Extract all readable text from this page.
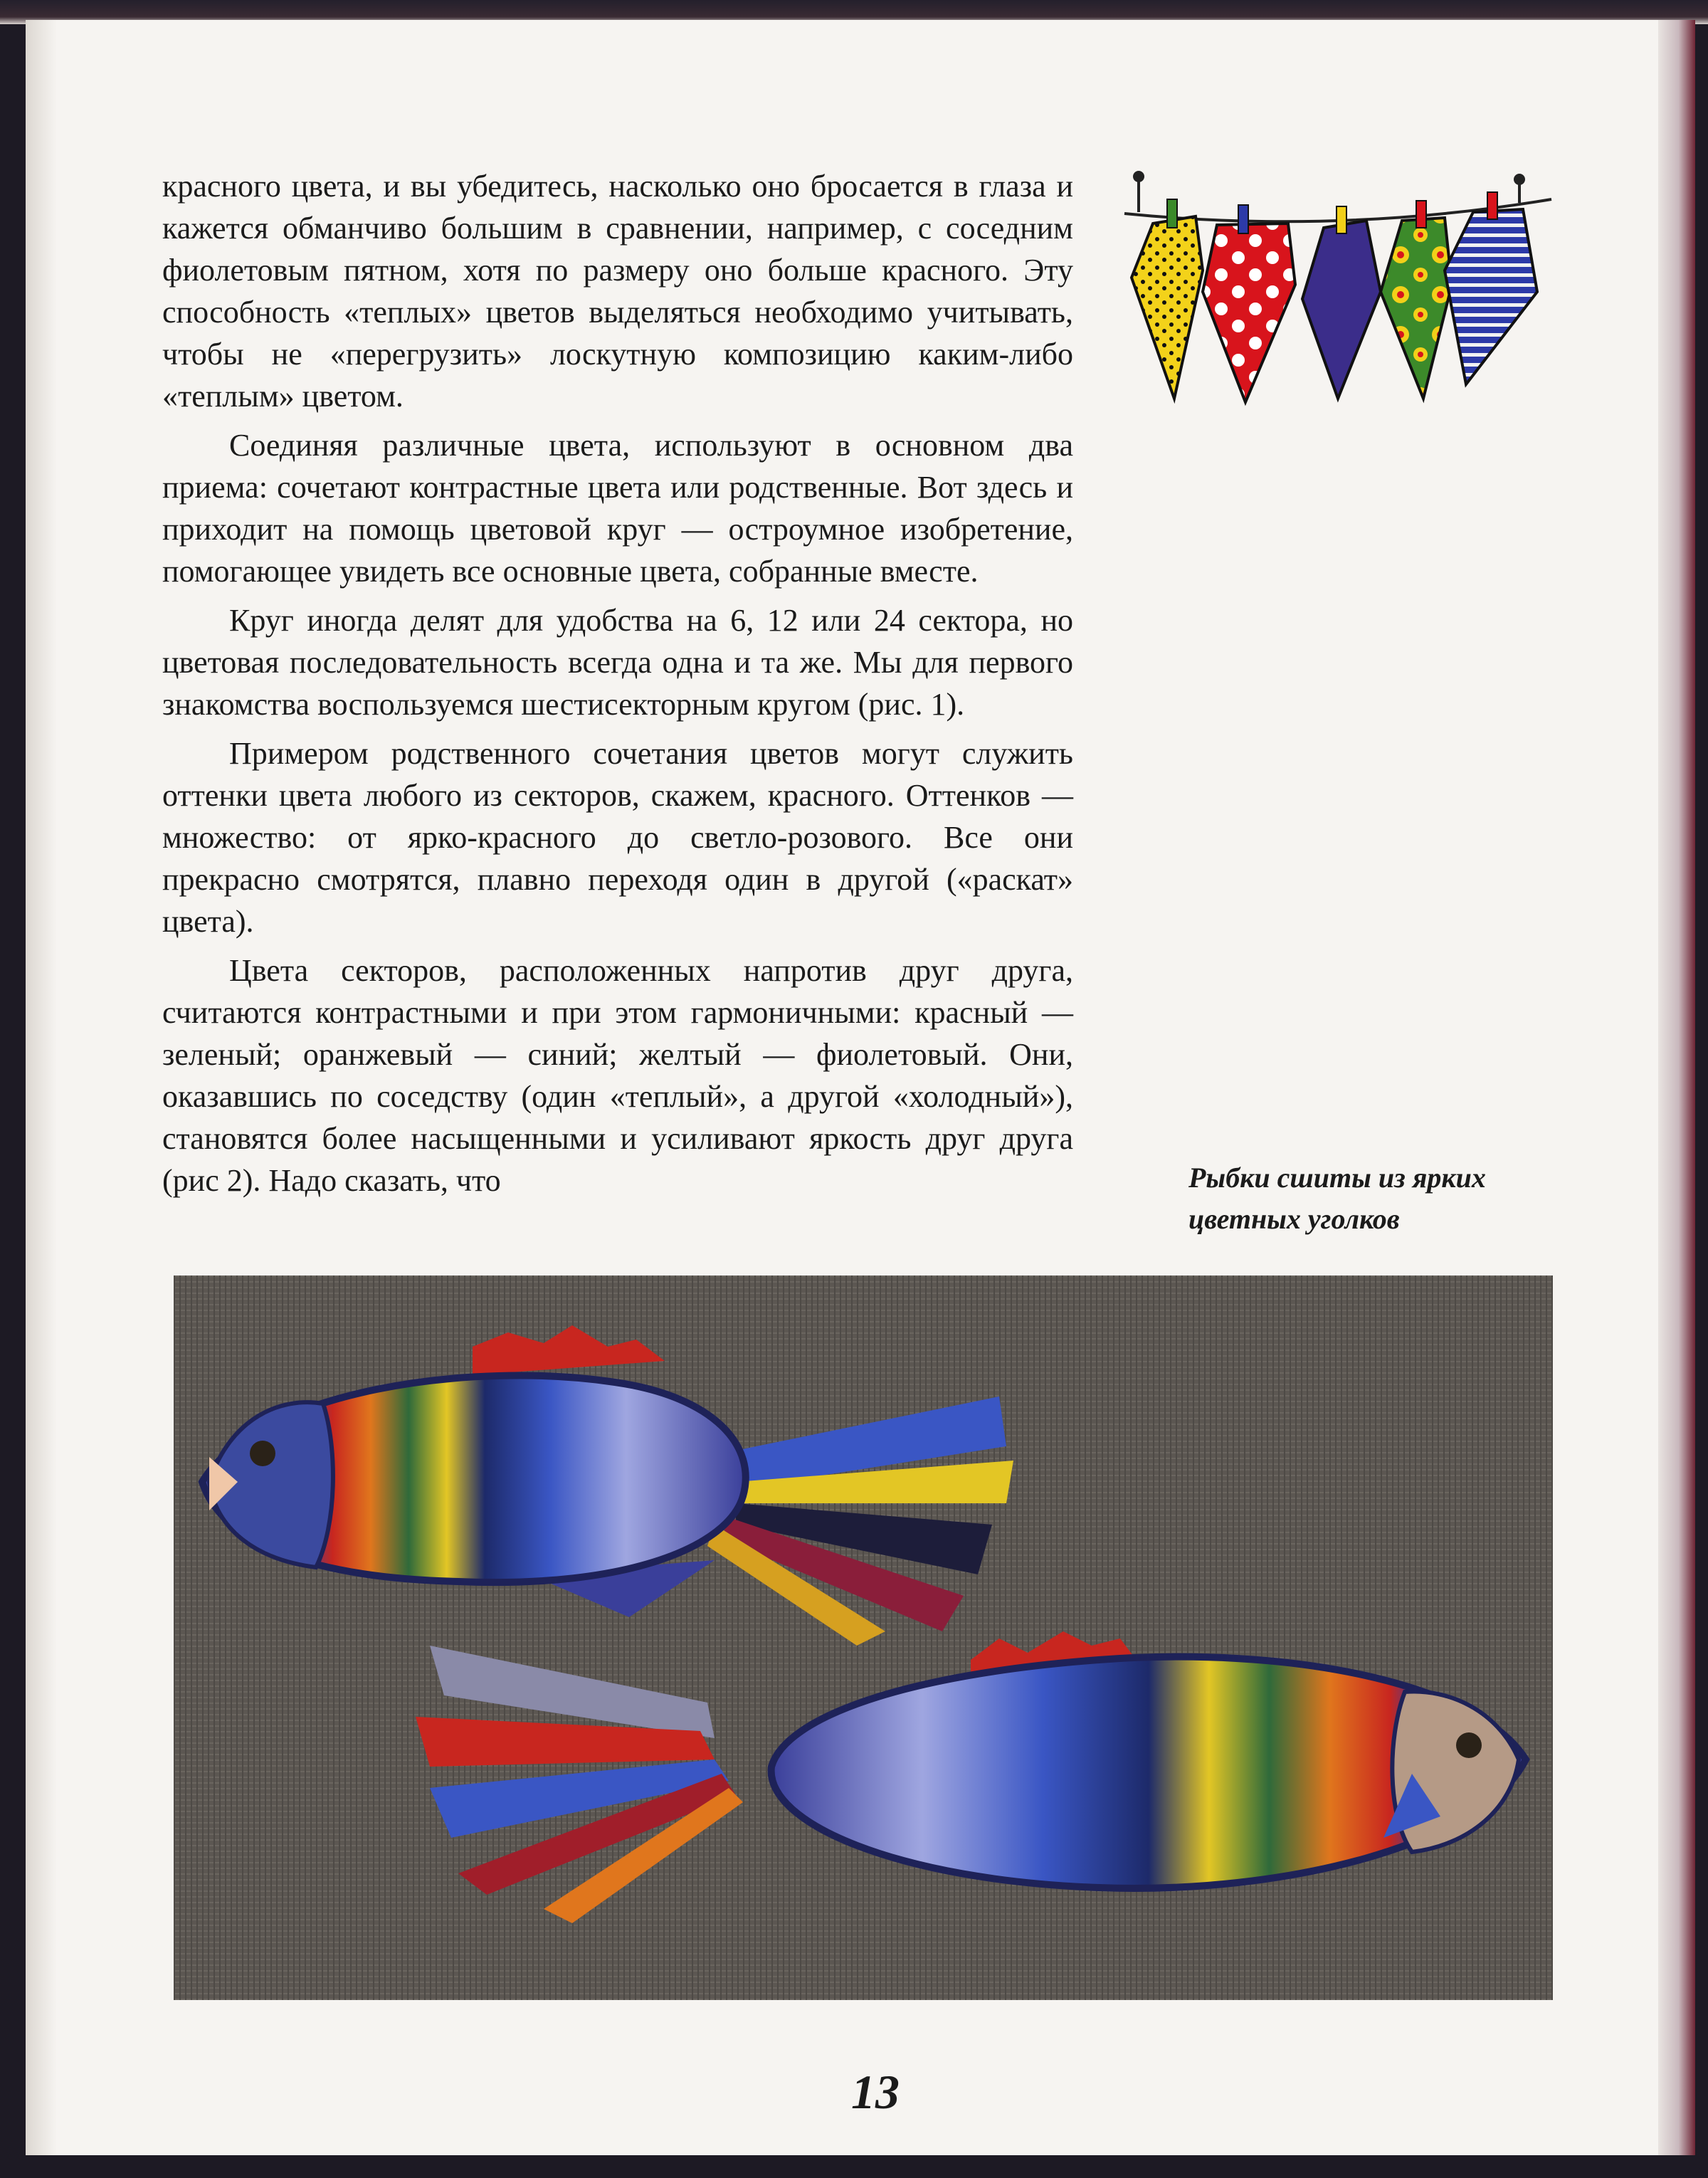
красного цвета, и вы убедитесь, насколько оно бросается в глаза и кажется обманчиво большим в сравнении, например, с соседним фиолетовым пятном, хотя по размеру оно больше красного. Эту способность «теплых» цветов выделяться необходимо учитывать, чтобы не «перегрузить» лоскутную композицию каким-либо «теплым» цветом.

Соединяя различные цвета, используют в основном два приема: сочетают контрастные цвета или родственные. Вот здесь и приходит на помощь цветовой круг — остроумное изобретение, помогающее увидеть все основные цвета, собранные вместе.

Круг иногда делят для удобства на 6, 12 или 24 сектора, но цветовая последовательность всегда одна и та же. Мы для первого знакомства воспользуемся шестисекторным кругом (рис. 1).

Примером родственного сочетания цветов могут служить оттенки цвета любого из секторов, скажем, красного. Оттенков — множество: от ярко-красного до светло-розового. Все они прекрасно смотрятся, плавно переходя один в другой («раскат» цвета).

Цвета секторов, расположенных напротив друг друга, считаются контрастными и при этом гармоничными: красный — зеленый; оранжевый — синий; желтый — фиолетовый. Они, оказавшись по соседству (один «теплый», а другой «холодный»), становятся более насыщенными и усиливают яркость друг друга (рис 2). Надо сказать, что	Рыбки сшиты из ярких
цветных уголков
13
